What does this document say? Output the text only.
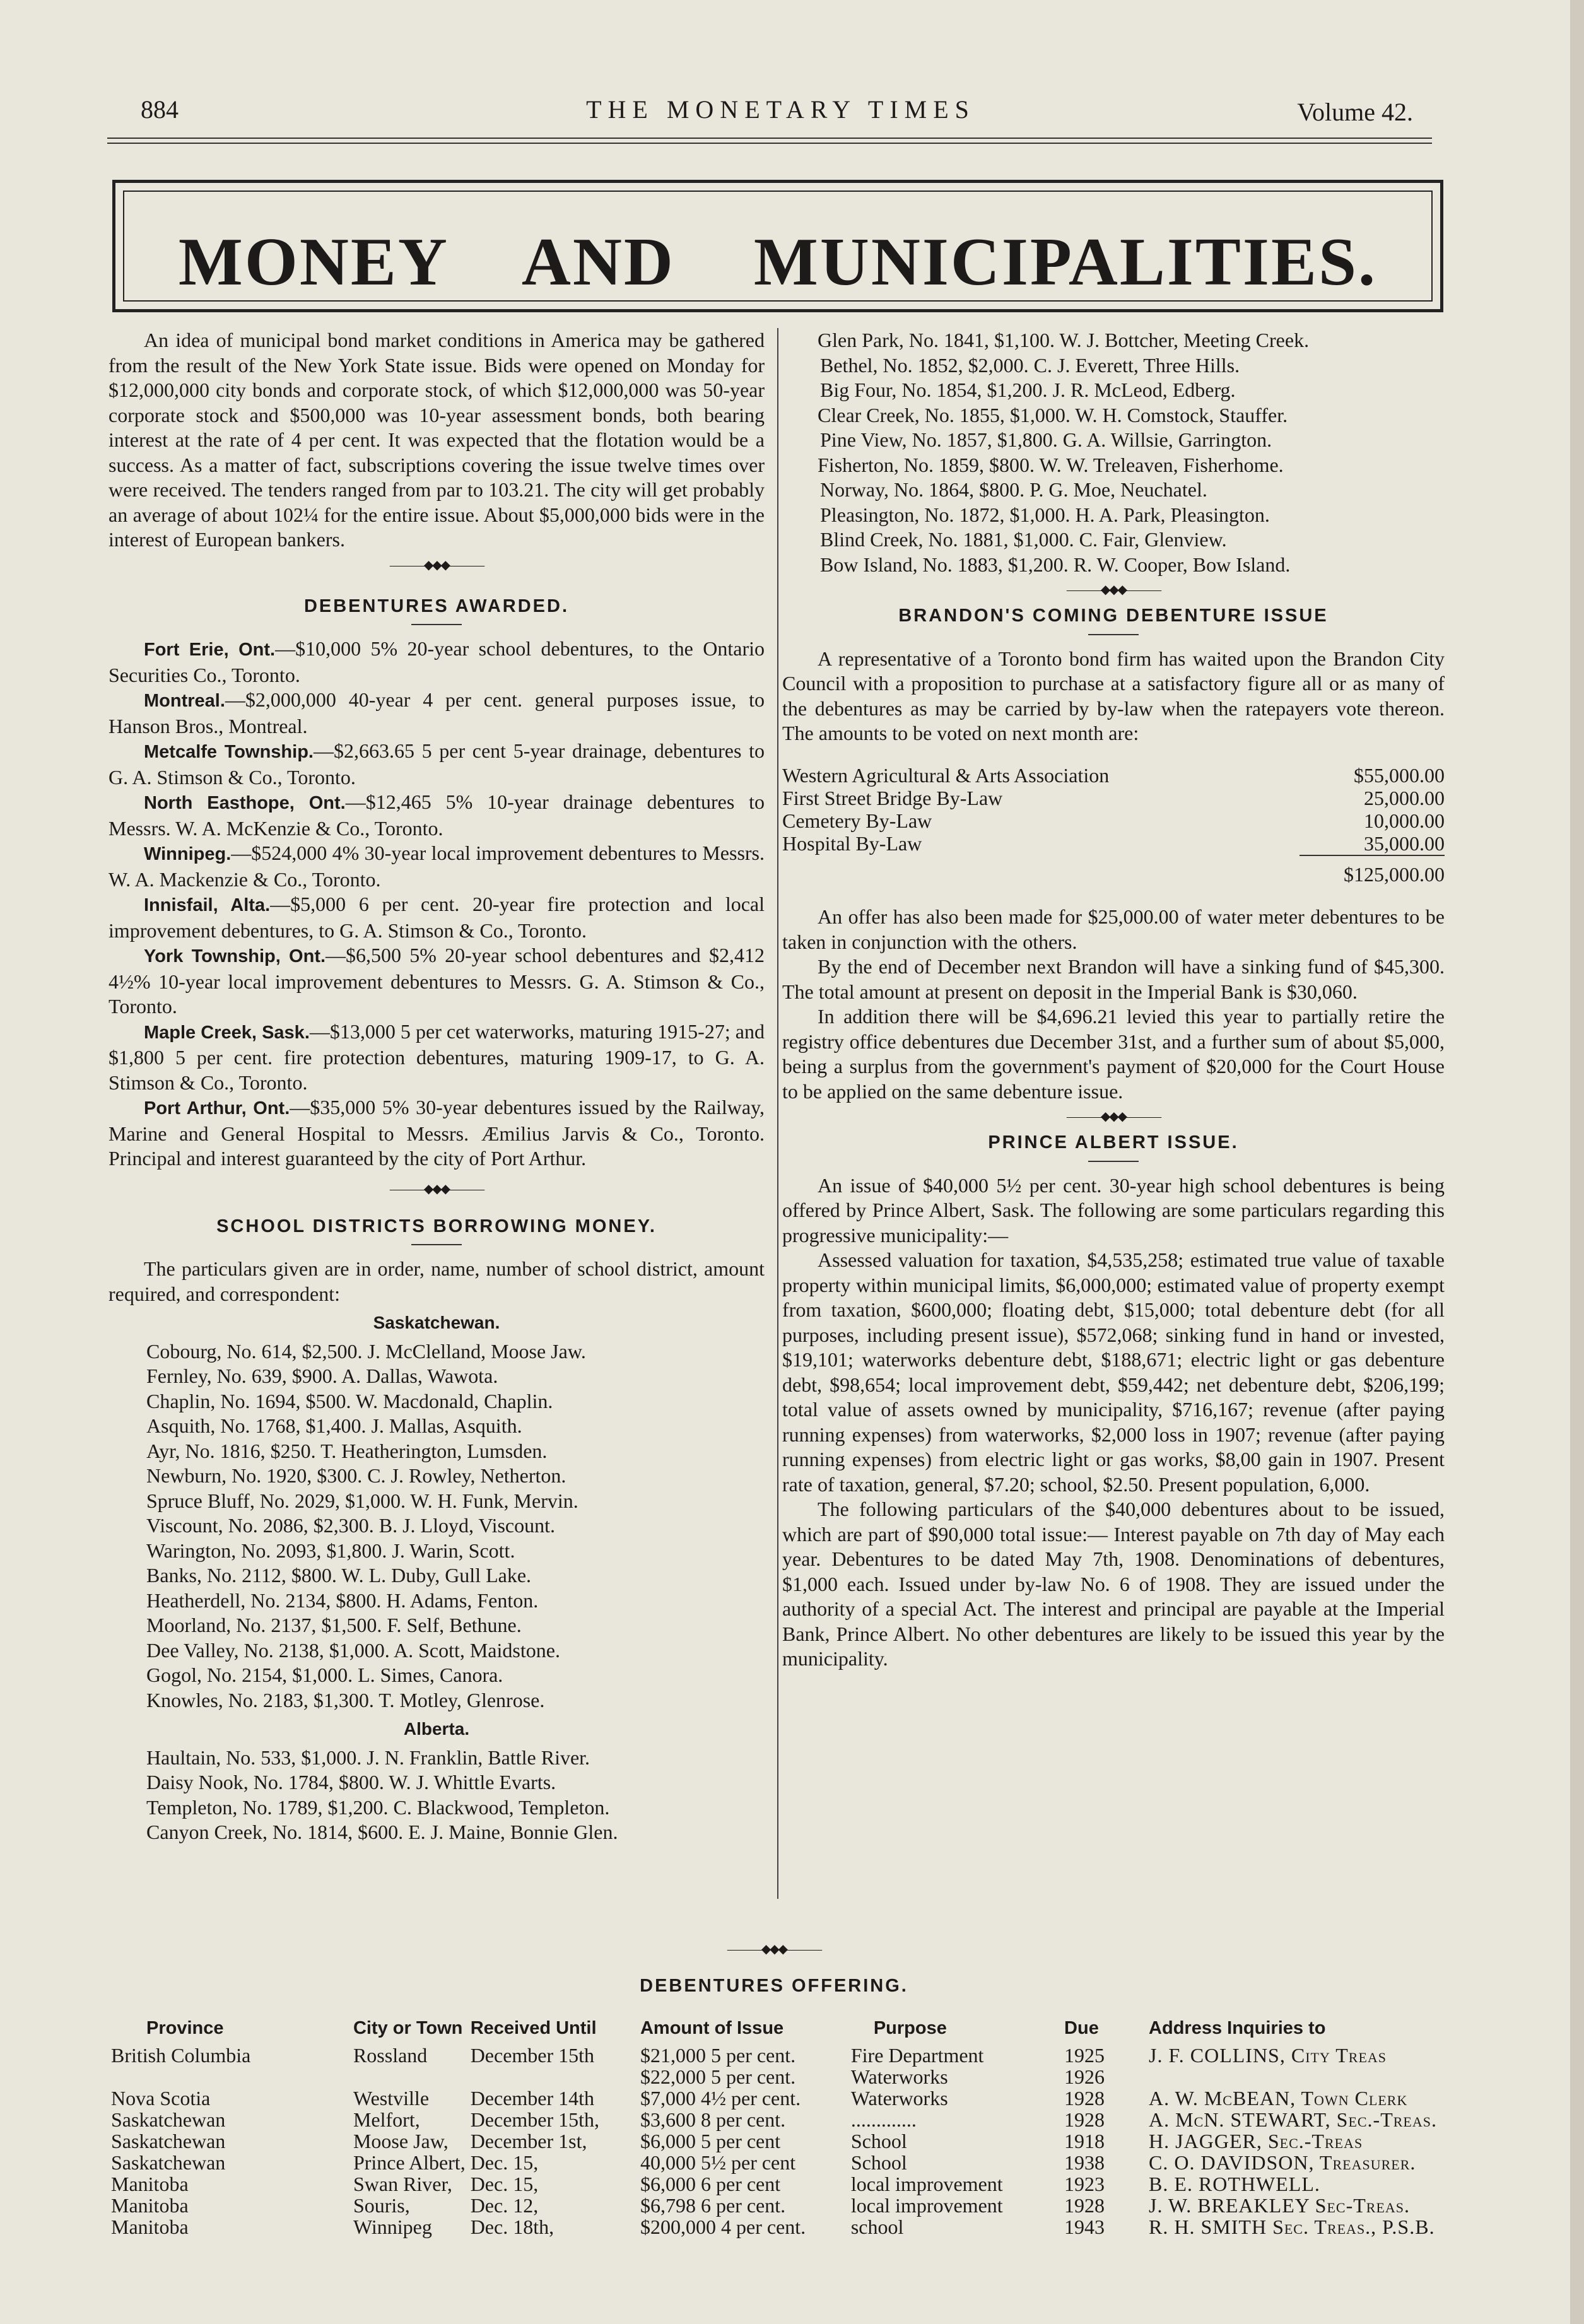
884	THE MONETARY TIMES	Volume 42.
MONEY AND MUNICIPALITIES.

An idea of municipal bond market conditions in America may be gathered from the result of the New York State issue. Bids were opened on Monday for $12,000,000 city bonds and corporate stock, of which $12,000,000 was 50-year corporate stock and $500,000 was 10-year assessment bonds, both bearing interest at the rate of 4 per cent. It was expected that the flotation would be a success. As a matter of fact, subscriptions covering the issue twelve times over were received. The tenders ranged from par to 103.21. The city will get probably an average of about 102¼ for the entire issue. About $5,000,000 bids were in the interest of European bankers.

———◆◆◆———
DEBENTURES AWARDED.

Fort Erie, Ont.—$10,000 5% 20-year school debentures, to the Ontario Securities Co., Toronto.

Montreal.—$2,000,000 40-year 4 per cent. general purposes issue, to Hanson Bros., Montreal.

Metcalfe Township.—$2,663.65 5 per cent 5-year drainage, debentures to G. A. Stimson & Co., Toronto.

North Easthope, Ont.—$12,465 5% 10-year drainage debentures to Messrs. W. A. McKenzie & Co., Toronto.

Winnipeg.—$524,000 4% 30-year local improvement debentures to Messrs. W. A. Mackenzie & Co., Toronto.

Innisfail, Alta.—$5,000 6 per cent. 20-year fire protection and local improvement debentures, to G. A. Stimson & Co., Toronto.

York Township, Ont.—$6,500 5% 20-year school debentures and $2,412 4½% 10-year local improvement debentures to Messrs. G. A. Stimson & Co., Toronto.

Maple Creek, Sask.—$13,000 5 per cet waterworks, maturing 1915-27; and $1,800 5 per cent. fire protection debentures, maturing 1909-17, to G. A. Stimson & Co., Toronto.

Port Arthur, Ont.—$35,000 5% 30-year debentures issued by the Railway, Marine and General Hospital to Messrs. Æmilius Jarvis & Co., Toronto. Principal and interest guaranteed by the city of Port Arthur.

———◆◆◆———
SCHOOL DISTRICTS BORROWING MONEY.

The particulars given are in order, name, number of school district, amount required, and correspondent:

Saskatchewan.
Cobourg, No. 614, $2,500. J. McClelland, Moose Jaw.
Fernley, No. 639, $900. A. Dallas, Wawota.
Chaplin, No. 1694, $500. W. Macdonald, Chaplin.
Asquith, No. 1768, $1,400. J. Mallas, Asquith.
Ayr, No. 1816, $250. T. Heatherington, Lumsden.
Newburn, No. 1920, $300. C. J. Rowley, Netherton.
Spruce Bluff, No. 2029, $1,000. W. H. Funk, Mervin.
Viscount, No. 2086, $2,300. B. J. Lloyd, Viscount.
Warington, No. 2093, $1,800. J. Warin, Scott.
Banks, No. 2112, $800. W. L. Duby, Gull Lake.
Heatherdell, No. 2134, $800. H. Adams, Fenton.
Moorland, No. 2137, $1,500. F. Self, Bethune.
Dee Valley, No. 2138, $1,000. A. Scott, Maidstone.
Gogol, No. 2154, $1,000. L. Simes, Canora.
Knowles, No. 2183, $1,300. T. Motley, Glenrose.
Alberta.
Haultain, No. 533, $1,000. J. N. Franklin, Battle River.
Daisy Nook, No. 1784, $800. W. J. Whittle Evarts.
Templeton, No. 1789, $1,200. C. Blackwood, Templeton.
Canyon Creek, No. 1814, $600. E. J. Maine, Bonnie Glen.

Glen Park, No. 1841, $1,100. W. J. Bottcher, Meeting Creek.

Bethel, No. 1852, $2,000. C. J. Everett, Three Hills.
Big Four, No. 1854, $1,200. J. R. McLeod, Edberg.

Clear Creek, No. 1855, $1,000. W. H. Comstock, Stauffer.

Pine View, No. 1857, $1,800. G. A. Willsie, Garrington.

Fisherton, No. 1859, $800. W. W. Treleaven, Fisherhome.

Norway, No. 1864, $800. P. G. Moe, Neuchatel.
Pleasington, No. 1872, $1,000. H. A. Park, Pleasington.
Blind Creek, No. 1881, $1,000. C. Fair, Glenview.
Bow Island, No. 1883, $1,200. R. W. Cooper, Bow Island.
———◆◆◆———
BRANDON'S COMING DEBENTURE ISSUE

A representative of a Toronto bond firm has waited upon the Brandon City Council with a proposition to purchase at a satisfactory figure all or as many of the debentures as may be carried by by-law when the ratepayers vote thereon. The amounts to be voted on next month are:

Western Agricultural & Arts Association	$55,000.00
First Street Bridge By-Law	25,000.00
Cemetery By-Law	10,000.00
Hospital By-Law	35,000.00
$125,000.00

An offer has also been made for $25,000.00 of water meter debentures to be taken in conjunction with the others.

By the end of December next Brandon will have a sinking fund of $45,300. The total amount at present on deposit in the Imperial Bank is $30,060.

In addition there will be $4,696.21 levied this year to partially retire the registry office debentures due December 31st, and a further sum of about $5,000, being a surplus from the government's payment of $20,000 for the Court House to be applied on the same debenture issue.

———◆◆◆———
PRINCE ALBERT ISSUE.

An issue of $40,000 5½ per cent. 30-year high school debentures is being offered by Prince Albert, Sask. The following are some particulars regarding this progressive municipality:—

Assessed valuation for taxation, $4,535,258; estimated true value of taxable property within municipal limits, $6,000,000; estimated value of property exempt from taxation, $600,000; floating debt, $15,000; total debenture debt (for all purposes, including present issue), $572,068; sinking fund in hand or invested, $19,101; waterworks debenture debt, $188,671; electric light or gas debenture debt, $98,654; local improvement debt, $59,442; net debenture debt, $206,199; total value of assets owned by municipality, $716,167; revenue (after paying running expenses) from waterworks, $2,000 loss in 1907; revenue (after paying running expenses) from electric light or gas works, $8,00 gain in 1907. Present rate of taxation, general, $7.20; school, $2.50. Present population, 6,000.

The following particulars of the $40,000 debentures about to be issued, which are part of $90,000 total issue:— Interest payable on 7th day of May each year. Debentures to be dated May 7th, 1908. Denominations of debentures, $1,000 each. Issued under by-law No. 6 of 1908. They are issued under the authority of a special Act. The interest and principal are payable at the Imperial Bank, Prince Albert. No other debentures are likely to be issued this year by the municipality.

———◆◆◆———
DEBENTURES OFFERING.
Province	City or Town	Received Until	Amount of Issue	Purpose	Due	Address Inquiries to
British Columbia	Rossland	December 15th	$21,000 5 per cent.	Fire Department	1925	J. F. COLLINS, City Treas
			$22,000 5 per cent.	Waterworks	1926	
Nova Scotia	Westville	December 14th	$7,000 4½ per cent.	Waterworks	1928	A. W. McBEAN, Town Clerk
Saskatchewan	Melfort,	December 15th,	$3,600 8 per cent.	.............	1928	A. McN. STEWART, Sec.-Treas.
Saskatchewan	Moose Jaw,	December 1st,	$6,000 5 per cent	School	1918	H. JAGGER, Sec.-Treas
Saskatchewan	Prince Albert,	Dec. 15,	40,000 5½ per cent	School	1938	C. O. DAVIDSON, Treasurer.
Manitoba	Swan River,	Dec. 15,	$6,000 6 per cent	local improvement	1923	B. E. ROTHWELL.
Manitoba	Souris,	Dec. 12,	$6,798 6 per cent.	local improvement	1928	J. W. BREAKLEY Sec-Treas.
Manitoba	Winnipeg	Dec. 18th,	$200,000 4 per cent.	school	1943	R. H. SMITH Sec. Treas., P.S.B.
